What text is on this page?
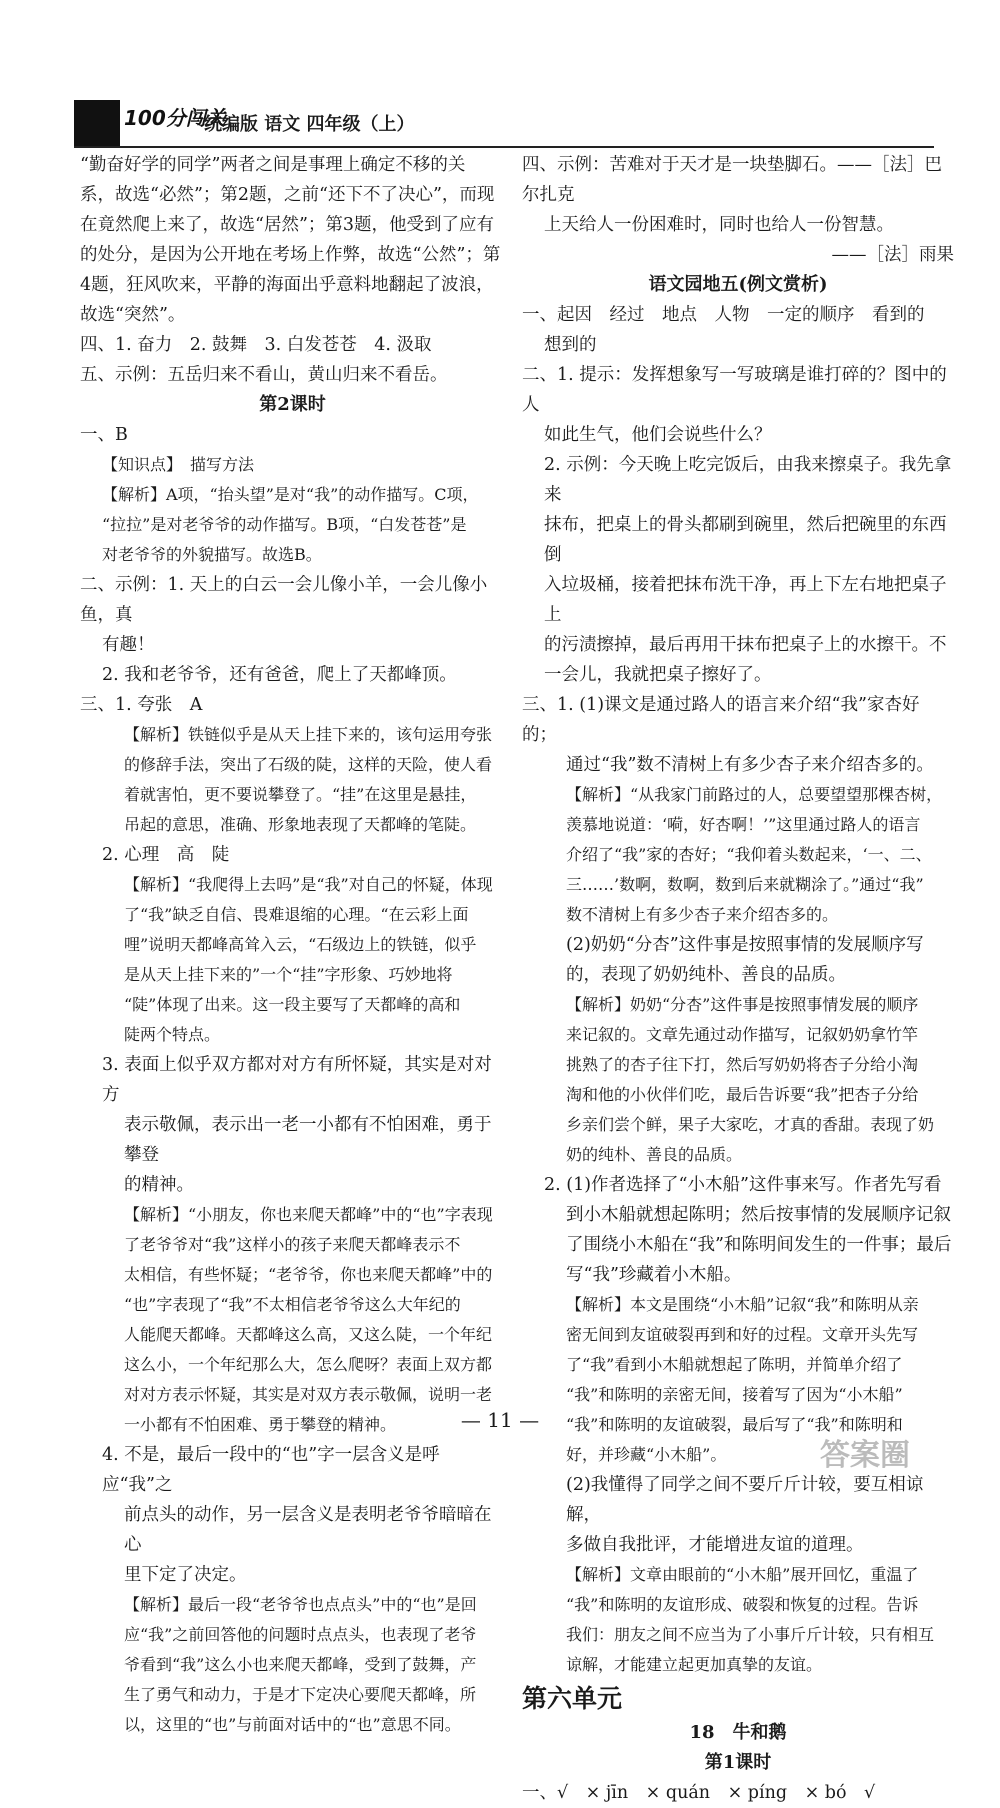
100分闯关
统编版 语文 四年级（上）

“勤奋好学的同学”两者之间是事理上确定不移的关

系，故选“必然”；第2题，之前“还下不了决心”，而现

在竟然爬上来了，故选“居然”；第3题，他受到了应有

的处分，是因为公开地在考场上作弊，故选“公然”；第

4题，狂风吹来，平静的海面出乎意料地翻起了波浪，

故选“突然”。

四、1. 奋力　2. 鼓舞　3. 白发苍苍　4. 汲取

五、示例：五岳归来不看山，黄山归来不看岳。

第2课时

一、B

【知识点】　描写方法

【解析】A项，“抬头望”是对“我”的动作描写。C项，

“拉拉”是对老爷爷的动作描写。B项，“白发苍苍”是

对老爷爷的外貌描写。故选B。

二、示例：1. 天上的白云一会儿像小羊，一会儿像小鱼，真

有趣！

2. 我和老爷爷，还有爸爸，爬上了天都峰顶。

三、1. 夸张　A

【解析】铁链似乎是从天上挂下来的，该句运用夸张

的修辞手法，突出了石级的陡，这样的天险，使人看

着就害怕，更不要说攀登了。“挂”在这里是悬挂，

吊起的意思，准确、形象地表现了天都峰的笔陡。

2. 心理　高　陡

【解析】“我爬得上去吗”是“我”对自己的怀疑，体现

了“我”缺乏自信、畏难退缩的心理。“在云彩上面

哩”说明天都峰高耸入云，“石级边上的铁链，似乎

是从天上挂下来的”一个“挂”字形象、巧妙地将

“陡”体现了出来。这一段主要写了天都峰的高和

陡两个特点。

3. 表面上似乎双方都对对方有所怀疑，其实是对对方

表示敬佩，表示出一老一小都有不怕困难，勇于攀登

的精神。

【解析】“小朋友，你也来爬天都峰”中的“也”字表现

了老爷爷对“我”这样小的孩子来爬天都峰表示不

太相信，有些怀疑；“老爷爷，你也来爬天都峰”中的

“也”字表现了“我”不太相信老爷爷这么大年纪的

人能爬天都峰。天都峰这么高，又这么陡，一个年纪

这么小，一个年纪那么大，怎么爬呀？表面上双方都

对对方表示怀疑，其实是对双方表示敬佩，说明一老

一小都有不怕困难、勇于攀登的精神。

4. 不是，最后一段中的“也”字一层含义是呼应“我”之

前点头的动作，另一层含义是表明老爷爷暗暗在心

里下定了决定。

【解析】最后一段“老爷爷也点点头”中的“也”是回

应“我”之前回答他的问题时点点头，也表现了老爷

爷看到“我”这么小也来爬天都峰，受到了鼓舞，产

生了勇气和动力，于是才下定决心要爬天都峰，所

以，这里的“也”与前面对话中的“也”意思不同。

四、示例：苦难对于天才是一块垫脚石。——［法］巴尔扎克

上天给人一份困难时，同时也给人一份智慧。

——［法］雨果

语文园地五(例文赏析)

一、起因　经过　地点　人物　一定的顺序　看到的

想到的

二、1. 提示：发挥想象写一写玻璃是谁打碎的？图中的人

如此生气，他们会说些什么？

2. 示例：今天晚上吃完饭后，由我来擦桌子。我先拿来

抹布，把桌上的骨头都刷到碗里，然后把碗里的东西倒

入垃圾桶，接着把抹布洗干净，再上下左右地把桌子上

的污渍擦掉，最后再用干抹布把桌子上的水擦干。不

一会儿，我就把桌子擦好了。

三、1. (1)课文是通过路人的语言来介绍“我”家杏好的；

通过“我”数不清树上有多少杏子来介绍杏多的。

【解析】“从我家门前路过的人，总要望望那棵杏树，

羡慕地说道：‘嗬，好杏啊！’”这里通过路人的语言

介绍了“我”家的杏好；“我仰着头数起来，‘一、二、

三……’数啊，数啊，数到后来就糊涂了。”通过“我”

数不清树上有多少杏子来介绍杏多的。

(2)奶奶“分杏”这件事是按照事情的发展顺序写

的，表现了奶奶纯朴、善良的品质。

【解析】奶奶“分杏”这件事是按照事情发展的顺序

来记叙的。文章先通过动作描写，记叙奶奶拿竹竿

挑熟了的杏子往下打，然后写奶奶将杏子分给小淘

淘和他的小伙伴们吃，最后告诉要“我”把杏子分给

乡亲们尝个鲜，果子大家吃，才真的香甜。表现了奶

奶的纯朴、善良的品质。

2. (1)作者选择了“小木船”这件事来写。作者先写看

到小木船就想起陈明；然后按事情的发展顺序记叙

了围绕小木船在“我”和陈明间发生的一件事；最后

写“我”珍藏着小木船。

【解析】本文是围绕“小木船”记叙“我”和陈明从亲

密无间到友谊破裂再到和好的过程。文章开头先写

了“我”看到小木船就想起了陈明，并简单介绍了

“我”和陈明的亲密无间，接着写了因为“小木船”

“我”和陈明的友谊破裂，最后写了“我”和陈明和

好，并珍藏“小木船”。

(2)我懂得了同学之间不要斤斤计较，要互相谅解，

多做自我批评，才能增进友谊的道理。

【解析】文章由眼前的“小木船”展开回忆，重温了

“我”和陈明的友谊形成、破裂和恢复的过程。告诉

我们：朋友之间不应当为了小事斤斤计较，只有相互

谅解，才能建立起更加真挚的友谊。

第六单元

18　牛和鹅

第1课时

一、√　× jīn　× quán　× píng　× bó　√

— 11 —
答案圈
